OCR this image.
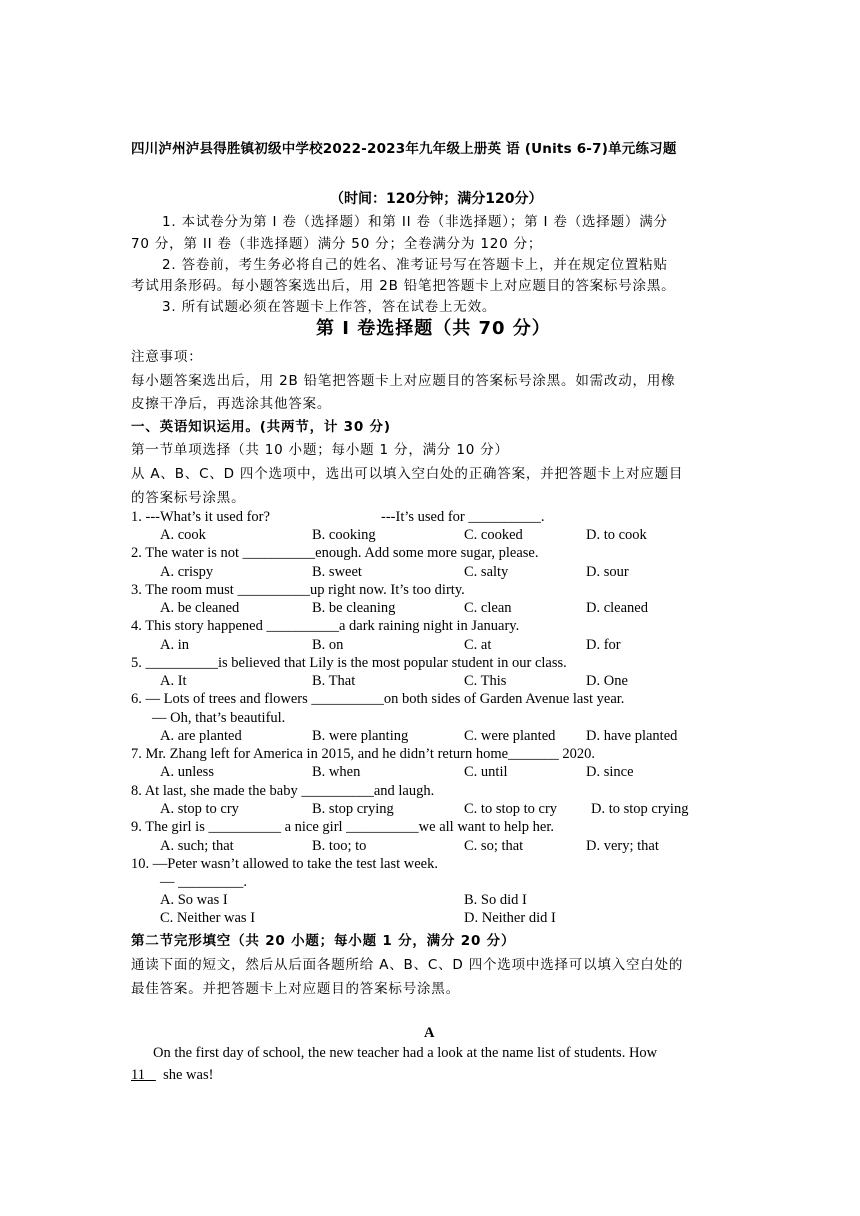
四川泸州泸县得胜镇初级中学校2022-2023年九年级上册英 语 (Units 6-7)单元练习题
（时间：120分钟；满分120分）
1. 本试卷分为第 I 卷（选择题）和第 II 卷（非选择题）；第 I 卷（选择题）满分
70 分，第 II 卷（非选择题）满分 50 分；全卷满分为 120 分；
2. 答卷前，考生务必将自己的姓名、准考证号写在答题卡上，并在规定位置粘贴
考试用条形码。每小题答案选出后，用 2B 铅笔把答题卡上对应题目的答案标号涂黑。
3. 所有试题必须在答题卡上作答，答在试卷上无效。
第 I 卷选择题（共 70 分）
注意事项：
每小题答案选出后，用 2B 铅笔把答题卡上对应题目的答案标号涂黑。如需改动，用橡
皮擦干净后，再选涂其他答案。
一、英语知识运用。(共两节，计 30 分)
第一节单项选择（共 10 小题；每小题 1 分，满分 10 分）
从 A、B、C、D 四个选项中，选出可以填入空白处的正确答案，并把答题卡上对应题目
的答案标号涂黑。
1. ---What’s it used for?	---It’s used for __________.
A. cook	B. cooking	C. cooked	D. to cook
2. The water is not __________enough. Add some more sugar, please.
A. crispy	B. sweet	C. salty	D. sour
3. The room must __________up right now. It’s too dirty.
A. be cleaned	B. be cleaning	C. clean	D. cleaned
4. This story happened __________a dark raining night in January.
A. in	B. on	C. at	D. for
5. __________is believed that Lily is the most popular student in our class.
A. It	B. That	C. This	D. One
6. — Lots of trees and flowers __________on both sides of Garden Avenue last year.
— Oh, that’s beautiful.
A. are planted	B. were planting	C. were planted D. have planted
7. Mr. Zhang left for America in 2015, and he didn’t return home_______ 2020.
A. unless	B. when	C. until	D. since
8. At last, she made the baby __________and laugh.
A. stop to cry	B. stop crying	C. to stop to cry D. to stop crying
9. The girl is __________ a nice girl __________we all want to help her.
A. such; that	B. too; to	C. so; that	D. very; that
10. —Peter wasn’t allowed to take the test last week.
— _________.
A. So was I	B. So did I
C. Neither was I	D. Neither did I
第二节完形填空（共 20 小题；每小题 1 分，满分 20 分）
通读下面的短文，然后从后面各题所给 A、B、C、D 四个选项中选择可以填入空白处的
最佳答案。并把答题卡上对应题目的答案标号涂黑。
A
On the first day of school, the new teacher had a look at the name list of students. How
11 she was!
